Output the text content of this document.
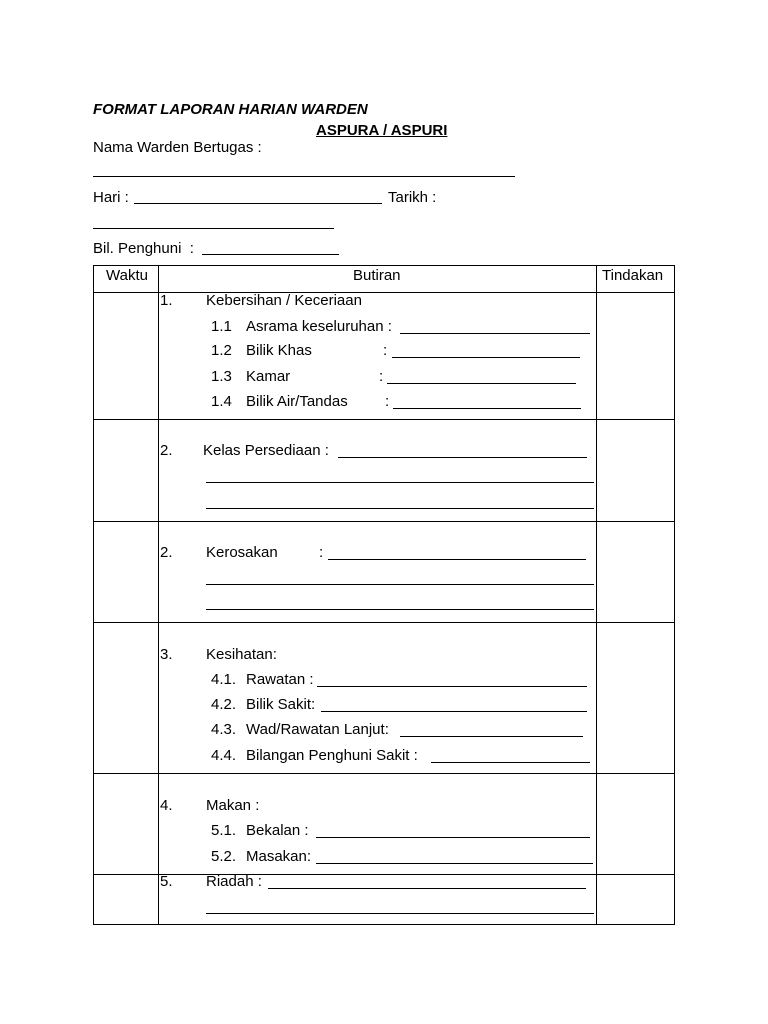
FORMAT LAPORAN HARIAN WARDEN
ASPURA / ASPURI
Nama Warden Bertugas :
Hari :	Tarikh :
Bil. Penghuni  :
Waktu	Butiran	Tindakan
1. Kebersihan / Keceriaan
1.1 Asrama keseluruhan :
1.2 Bilik Khas	:
1.3 Kamar	:
1.4 Bilik Air/Tandas :
2. Kelas Persediaan :
2. Kerosakan	:
3. Kesihatan:
4.1. Rawatan :
4.2. Bilik Sakit:
4.3. Wad/Rawatan Lanjut:
4.4. Bilangan Penghuni Sakit :
4. Makan :
5.1. Bekalan :
5.2. Masakan:
5. Riadah :
